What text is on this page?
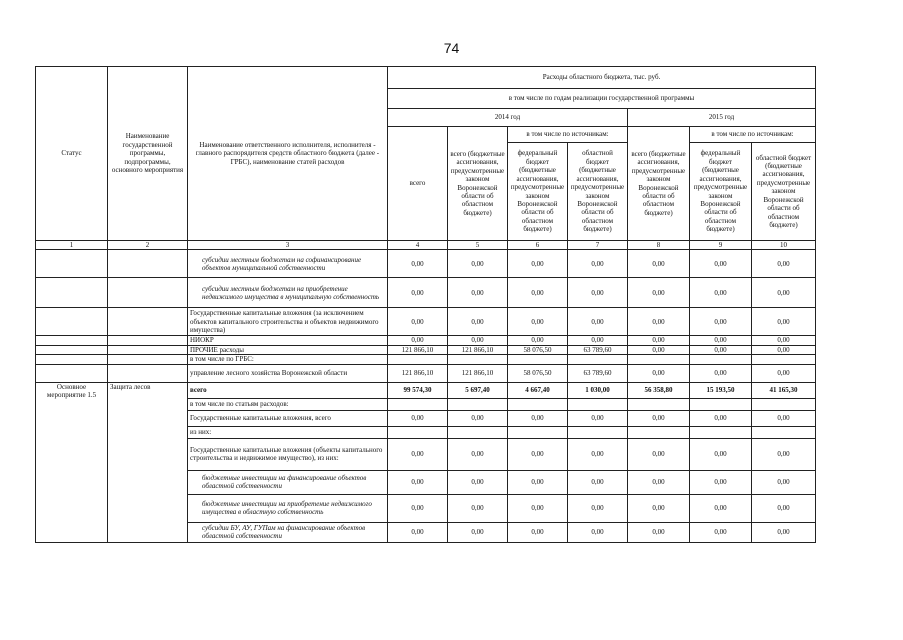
74
Статус	Наименование государственной программы, подпрограммы, основного мероприятия	Наименование ответственного исполнителя, исполнителя - главного распорядителя средств областного бюджета (далее - ГРБС), наименование статей расходов	Расходы областного бюджета, тыс. руб.						
			в том числе по годам реализации государственной программы						
			2014 год				2015 год		
			всего	всего (бюджетные ассигнования, предусмотренные законом Воронежской области об областном бюджете)	в том числе по источникам:		всего (бюджетные ассигнования, предусмотренные законом Воронежской области об областном бюджете)	в том числе по источникам:	
					федеральный бюджет (бюджетные ассигнования, предусмотренные законом Воронежской области об областном бюджете)	областной бюджет (бюджетные ассигнования, предусмотренные законом Воронежской области об областном бюджете)		федеральный бюджет (бюджетные ассигнования, предусмотренные законом Воронежской области об областном бюджете)	областной бюджет (бюджетные ассигнования, предусмотренные законом Воронежской области об областном бюджете)

1	2	3	4	5	6	7	8	9	10
		субсидии местным бюджетам на софинансирование объектов муниципальной собственности	0,00	0,00	0,00	0,00	0,00	0,00	0,00
		субсидии местным бюджетам на приобретение недвижимого имущества в муниципальную собственность	0,00	0,00	0,00	0,00	0,00	0,00	0,00
		Государственные капитальные вложения (за исключением объектов капитального строительства и объектов недвижимого имущества)	0,00	0,00	0,00	0,00	0,00	0,00	0,00
		НИОКР	0,00	0,00	0,00	0,00	0,00	0,00	0,00
		ПРОЧИЕ расходы	121 866,10	121 866,10	58 076,50	63 789,60	0,00	0,00	0,00
		в том числе по ГРБС:							
		управление лесного хозяйства Воронежской области	121 866,10	121 866,10	58 076,50	63 789,60	0,00	0,00	0,00
Основное мероприятие 1.5	Защита лесов	всего	99 574,30	5 697,40	4 667,40	1 030,00	56 358,80	15 193,50	41 165,30
		в том числе по статьям расходов:							
		Государственные капитальные вложения, всего	0,00	0,00	0,00	0,00	0,00	0,00	0,00
		из них:							
		Государственные капитальные вложения (объекты капитального строительства и недвижимое имущество), из них:	0,00	0,00	0,00	0,00	0,00	0,00	0,00
		бюджетные инвестиции на финансирование объектов областной собственности	0,00	0,00	0,00	0,00	0,00	0,00	0,00
		бюджетные инвестиции на приобретение недвижимого имущества в областную собственность	0,00	0,00	0,00	0,00	0,00	0,00	0,00
		субсидии БУ, АУ, ГУПам на финансирование объектов областной собственности	0,00	0,00	0,00	0,00	0,00	0,00	0,00
